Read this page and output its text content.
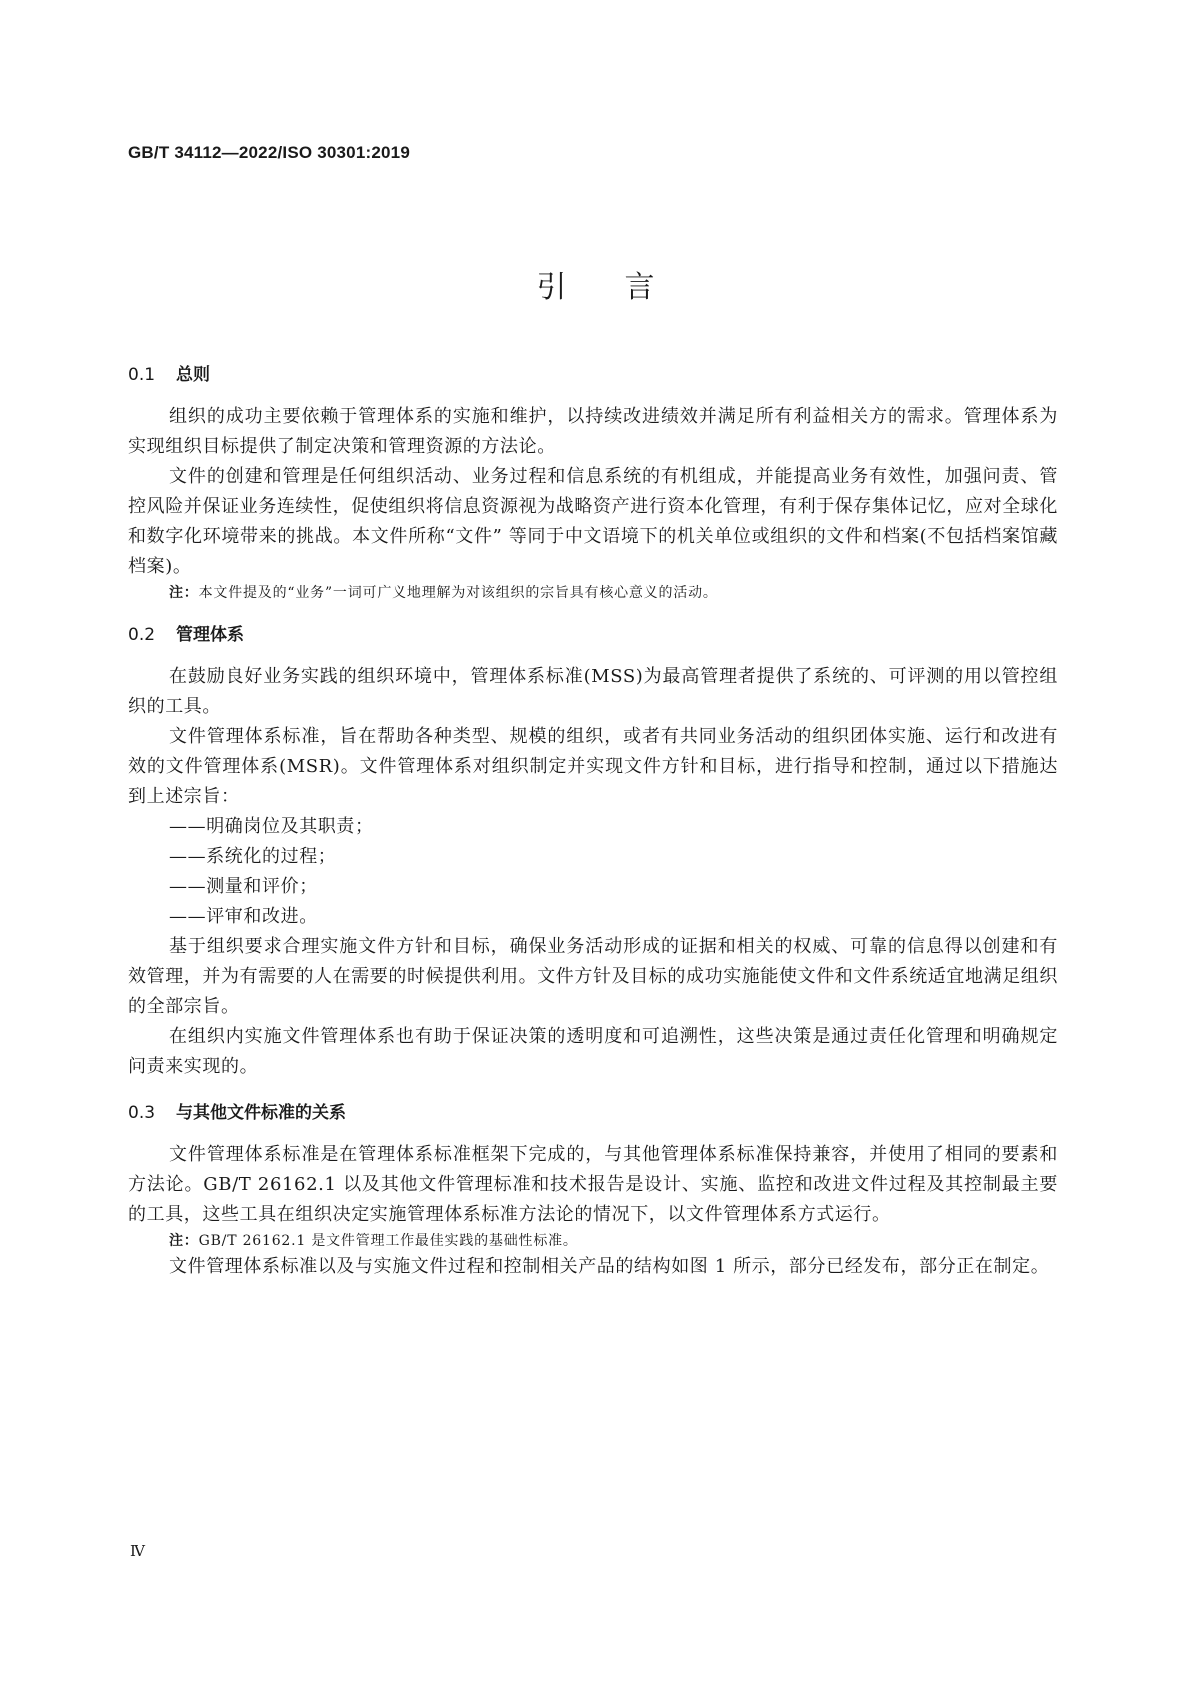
GB/T 34112—2022/ISO 30301:2019
引言
0.1 总则

组织的成功主要依赖于管理体系的实施和维护，以持续改进绩效并满足所有利益相关方的需求。管理体系为实现组织目标提供了制定决策和管理资源的方法论。

文件的创建和管理是任何组织活动、业务过程和信息系统的有机组成，并能提高业务有效性，加强问责、管控风险并保证业务连续性，促使组织将信息资源视为战略资产进行资本化管理，有利于保存集体记忆，应对全球化和数字化环境带来的挑战。本文件所称“文件” 等同于中文语境下的机关单位或组织的文件和档案(不包括档案馆藏档案)。

注：本文件提及的“业务”一词可广义地理解为对该组织的宗旨具有核心意义的活动。

0.2 管理体系

在鼓励良好业务实践的组织环境中，管理体系标准(MSS)为最高管理者提供了系统的、可评测的用以管控组织的工具。

文件管理体系标准，旨在帮助各种类型、规模的组织，或者有共同业务活动的组织团体实施、运行和改进有效的文件管理体系(MSR)。文件管理体系对组织制定并实现文件方针和目标，进行指导和控制，通过以下措施达到上述宗旨：

——明确岗位及其职责；

——系统化的过程；

——测量和评价；

——评审和改进。

基于组织要求合理实施文件方针和目标，确保业务活动形成的证据和相关的权威、可靠的信息得以创建和有效管理，并为有需要的人在需要的时候提供利用。文件方针及目标的成功实施能使文件和文件系统适宜地满足组织的全部宗旨。

在组织内实施文件管理体系也有助于保证决策的透明度和可追溯性，这些决策是通过责任化管理和明确规定问责来实现的。

0.3 与其他文件标准的关系

文件管理体系标准是在管理体系标准框架下完成的，与其他管理体系标准保持兼容，并使用了相同的要素和方法论。GB/T 26162.1 以及其他文件管理标准和技术报告是设计、实施、监控和改进文件过程及其控制最主要的工具，这些工具在组织决定实施管理体系标准方法论的情况下，以文件管理体系方式运行。

注：GB/T 26162.1 是文件管理工作最佳实践的基础性标准。

文件管理体系标准以及与实施文件过程和控制相关产品的结构如图 1 所示，部分已经发布，部分正在制定。

Ⅳ
